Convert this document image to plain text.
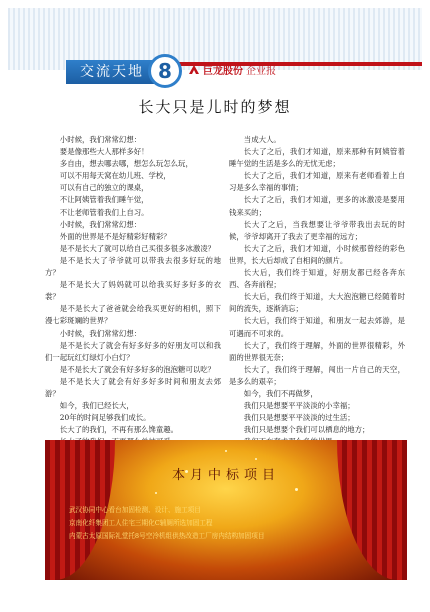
交流天地 8	巨龙股份 企业报
长大只是儿时的梦想

小时候，我们常常幻想：

要是像那些大人那样多好！

多自由，想去哪去哪，想怎么玩怎么玩，

可以不用每天窝在幼儿班、学校，

可以有自己的独立的课桌，

不让阿姨管着我们睡午觉，

不让老师管着我们上自习。

小时候，我们常常幻想：

外面的世界是不是好精彩好精彩？

是不是长大了就可以给自己买很多很多冰激凌？

是不是长大了爷爷就可以带我去很多好玩的地方？

是不是长大了妈妈就可以给我买好多好多的衣裳？

是不是长大了爸爸就会给我买更好的相机，照下漫七彩斑斓的世界？

小时候，我们常常幻想：

是不是长大了就会有好多好多的好朋友可以和我们一起玩红灯绿灯小白灯？

是不是长大了就会有好多好多的泡泡糖可以吃？

是不是长大了就会有好多好多时间和朋友去郊游？

如今，我们已经长大，

20年的时间足够我们成长。

长大了的我们，不再有那么馋童趣。

当成大人。

长大了之后，我们才知道，原来那种有阿姨管着睡午觉的生活是多么的无忧无虑；

长大了之后，我们才知道，原来有老师看着上自习是多么幸福的事情；

长大了之后，我们才知道，更多的冰激凌是要用钱来买的；

长大了之后，当我想要让爷爷带我出去玩的时候，爷爷却离开了我去了更幸福的远方；

长大了之后，我们才知道，小时候那曾经的彩色世界，长大后却成了自相间的颜片。

长大后，我们终于知道，好朋友都已经各奔东西、各奔前程；

长大后，我们终于知道，大大泡泡糖已经随着时间的流失，逐渐消忘；

长大后，我们终于知道，和朋友一起去郊游，是可遇而不可求的。

长大了，我们终于理解，外面的世界很精彩，外面的世界很无奈；

长大了，我们终于理解，闯出一片自己的天空，是多么的艰辛；

如今，我们不再做梦，

我们只是想要平平淡淡的小幸福；

我们只是想要平平淡淡的过生活；

我们只是想要个我们可以栖息的地方；

本月中标项目
武汉协同中心看台加固检测、设计、施工项目
京南化纤集团工人住宅三期化C辅厕所选加固工程
内蒙古太原国际礼堂托8号空冷机组供热改造工厂房内结构加固项目
